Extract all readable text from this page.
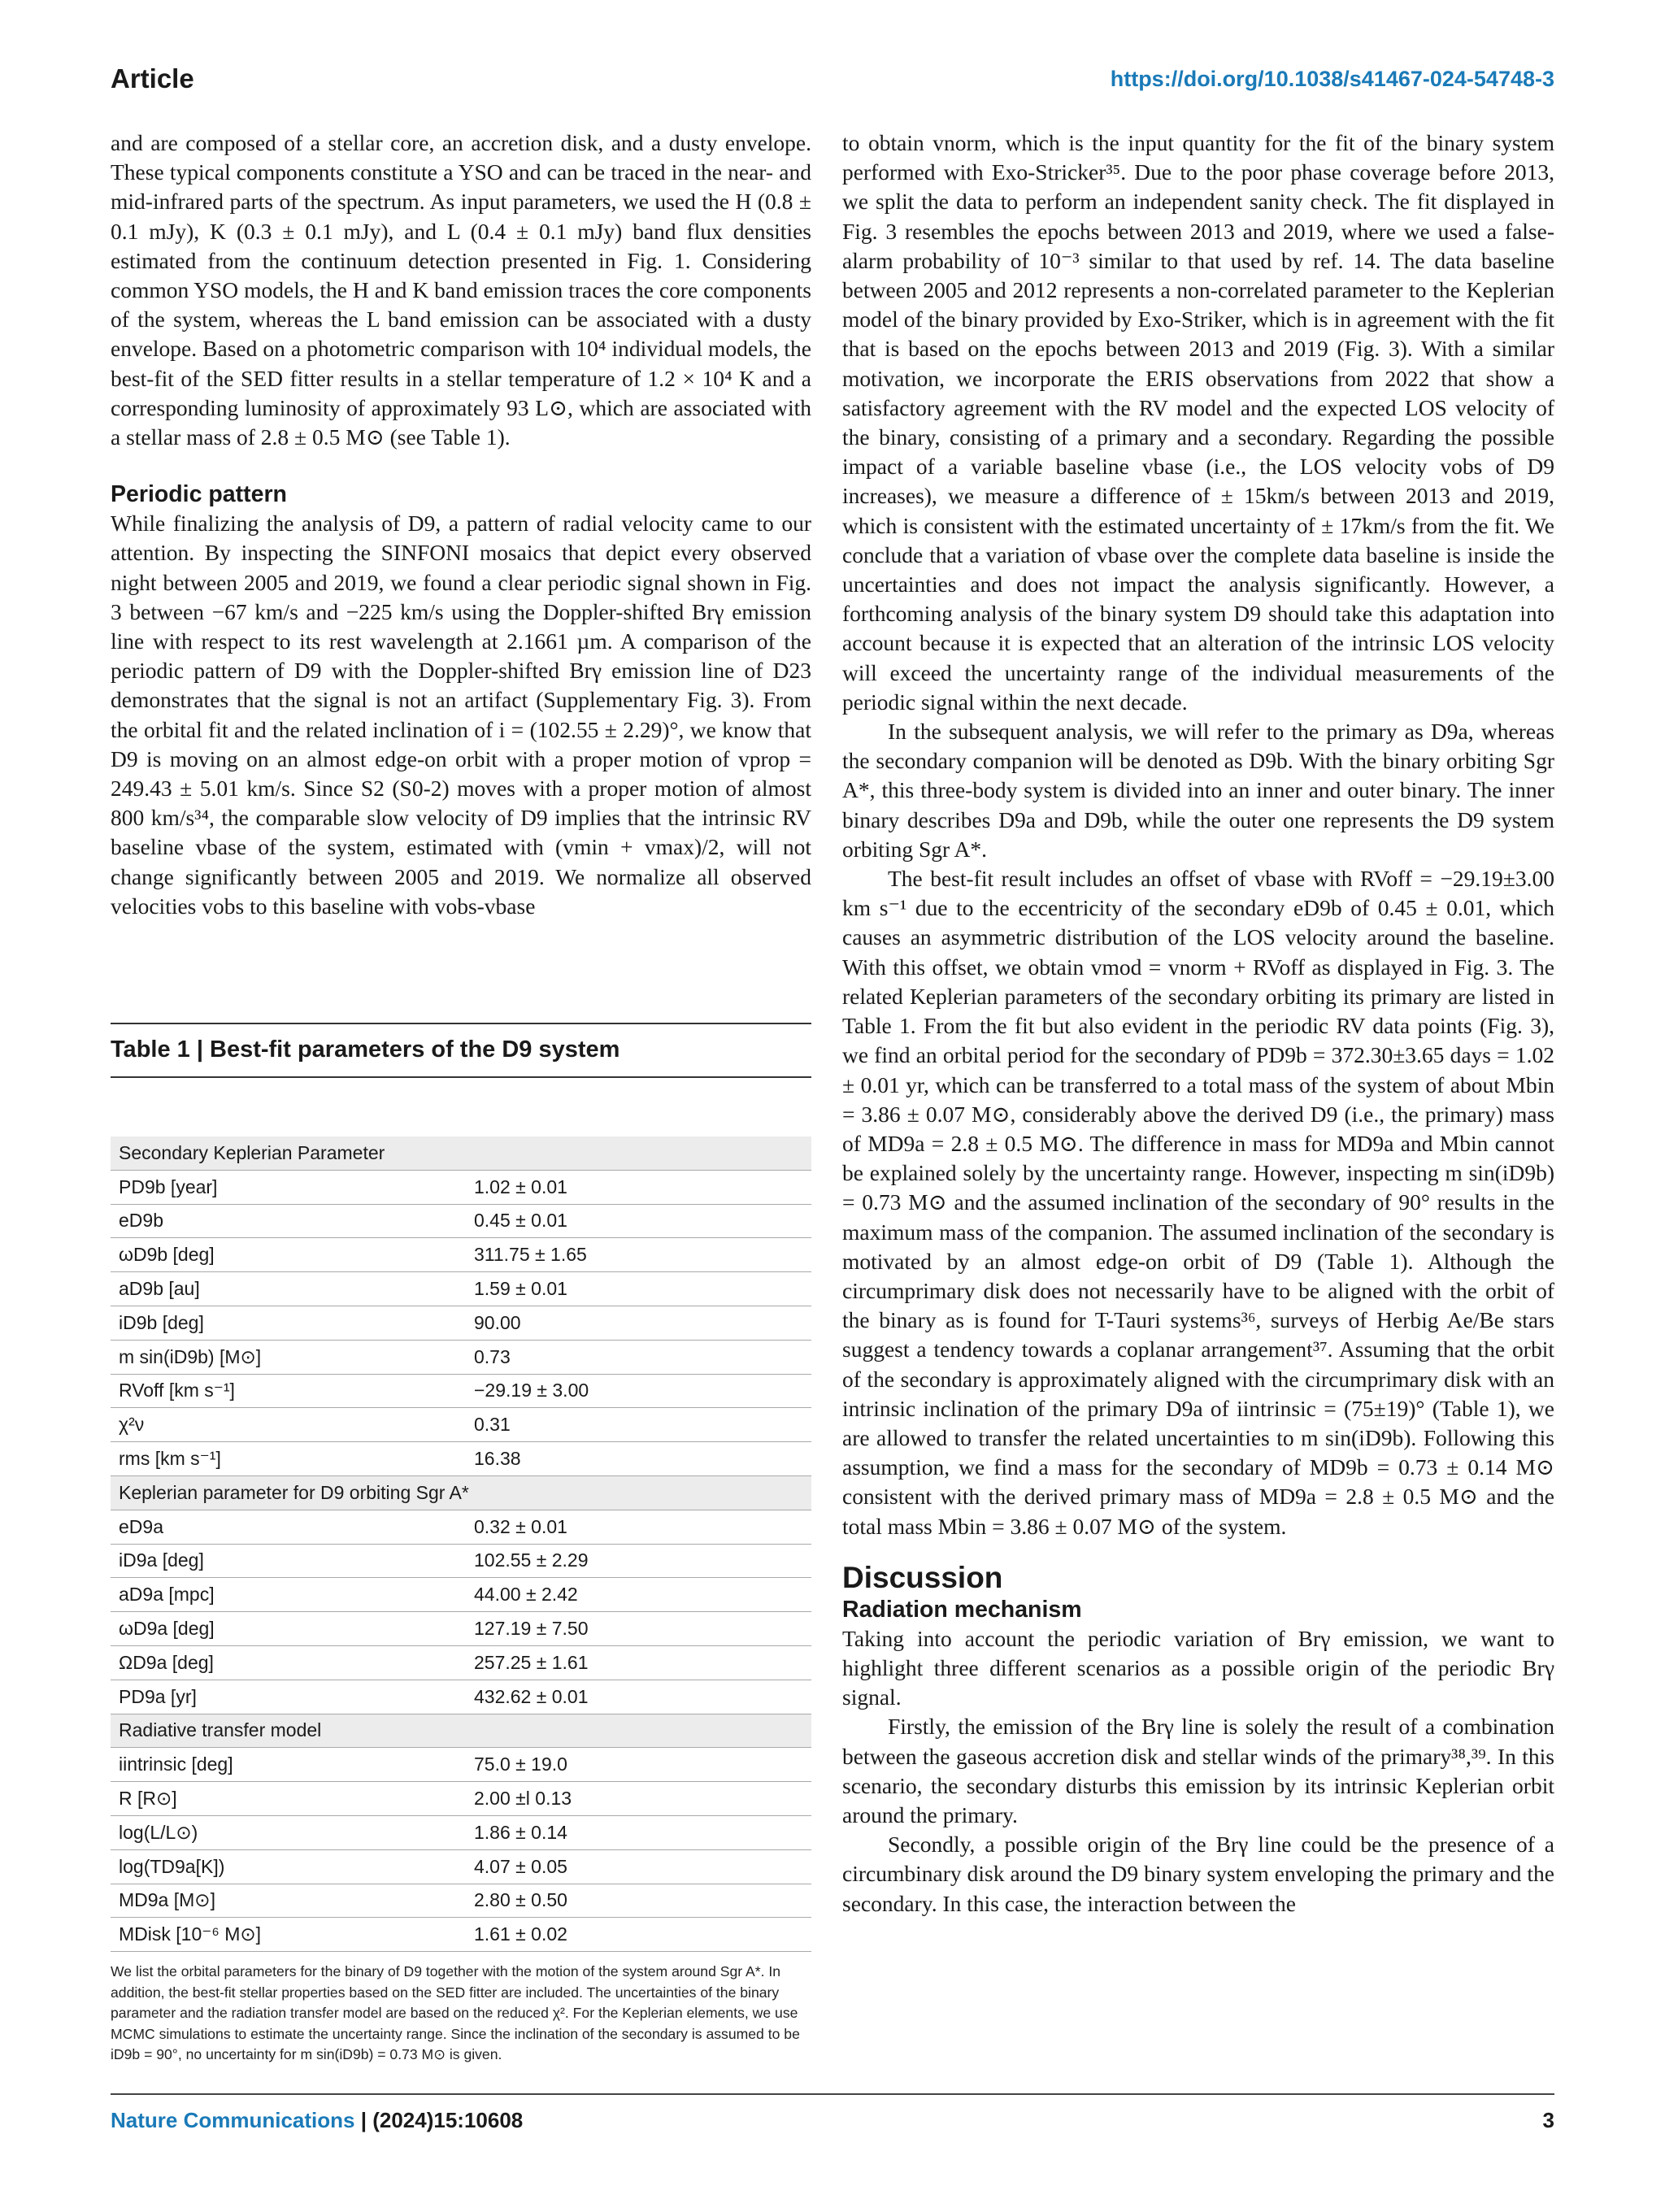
Article	https://doi.org/10.1038/s41467-024-54748-3

and are composed of a stellar core, an accretion disk, and a dusty envelope. These typical components constitute a YSO and can be traced in the near- and mid-infrared parts of the spectrum. As input parameters, we used the H (0.8 ± 0.1 mJy), K (0.3 ± 0.1 mJy), and L (0.4 ± 0.1 mJy) band flux densities estimated from the continuum detection presented in Fig. 1. Considering common YSO models, the H and K band emission traces the core components of the system, whereas the L band emission can be associated with a dusty envelope. Based on a photometric comparison with 10⁴ individual models, the best-fit of the SED fitter results in a stellar temperature of 1.2 × 10⁴ K and a corresponding luminosity of approximately 93 L⊙, which are associated with a stellar mass of 2.8 ± 0.5 M⊙ (see Table 1).

Periodic pattern

While finalizing the analysis of D9, a pattern of radial velocity came to our attention. By inspecting the SINFONI mosaics that depict every observed night between 2005 and 2019, we found a clear periodic signal shown in Fig. 3 between −67 km/s and −225 km/s using the Doppler-shifted Brγ emission line with respect to its rest wavelength at 2.1661 µm. A comparison of the periodic pattern of D9 with the Doppler-shifted Brγ emission line of D23 demonstrates that the signal is not an artifact (Supplementary Fig. 3). From the orbital fit and the related inclination of i = (102.55 ± 2.29)°, we know that D9 is moving on an almost edge-on orbit with a proper motion of vprop = 249.43 ± 5.01 km/s. Since S2 (S0-2) moves with a proper motion of almost 800 km/s³⁴, the comparable slow velocity of D9 implies that the intrinsic RV baseline vbase of the system, estimated with (vmin + vmax)/2, will not change significantly between 2005 and 2019. We normalize all observed velocities vobs to this baseline with vobs-vbase

Table 1 | Best-fit parameters of the D9 system
Secondary Keplerian Parameter	
PD9b [year]	1.02 ± 0.01
eD9b	0.45 ± 0.01
ωD9b [deg]	311.75 ± 1.65
aD9b [au]	1.59 ± 0.01
iD9b [deg]	90.00
m sin(iD9b) [M⊙]	0.73
RVoff [km s⁻¹]	−29.19 ± 3.00
χ²ν	0.31
rms [km s⁻¹]	16.38
Keplerian parameter for D9 orbiting Sgr A*	
eD9a	0.32 ± 0.01
iD9a [deg]	102.55 ± 2.29
aD9a [mpc]	44.00 ± 2.42
ωD9a [deg]	127.19 ± 7.50
ΩD9a [deg]	257.25 ± 1.61
PD9a [yr]	432.62 ± 0.01
Radiative transfer model	
iintrinsic [deg]	75.0 ± 19.0
R [R⊙]	2.00 ±l 0.13
log(L/L⊙)	1.86 ± 0.14
log(TD9a[K])	4.07 ± 0.05
MD9a [M⊙]	2.80 ± 0.50
MDisk [10⁻⁶ M⊙]	1.61 ± 0.02
We list the orbital parameters for the binary of D9 together with the motion of the system around Sgr A*. In addition, the best-fit stellar properties based on the SED fitter are included. The uncertainties of the binary parameter and the radiation transfer model are based on the reduced χ². For the Keplerian elements, we use MCMC simulations to estimate the uncertainty range. Since the inclination of the secondary is assumed to be iD9b = 90°, no uncertainty for m sin(iD9b) = 0.73 M⊙ is given.

to obtain vnorm, which is the input quantity for the fit of the binary system performed with Exo-Stricker³⁵. Due to the poor phase coverage before 2013, we split the data to perform an independent sanity check. The fit displayed in Fig. 3 resembles the epochs between 2013 and 2019, where we used a false-alarm probability of 10⁻³ similar to that used by ref. 14. The data baseline between 2005 and 2012 represents a non-correlated parameter to the Keplerian model of the binary provided by Exo-Striker, which is in agreement with the fit that is based on the epochs between 2013 and 2019 (Fig. 3). With a similar motivation, we incorporate the ERIS observations from 2022 that show a satisfactory agreement with the RV model and the expected LOS velocity of the binary, consisting of a primary and a secondary. Regarding the possible impact of a variable baseline vbase (i.e., the LOS velocity vobs of D9 increases), we measure a difference of ± 15km/s between 2013 and 2019, which is consistent with the estimated uncertainty of ± 17km/s from the fit. We conclude that a variation of vbase over the complete data baseline is inside the uncertainties and does not impact the analysis significantly. However, a forthcoming analysis of the binary system D9 should take this adaptation into account because it is expected that an alteration of the intrinsic LOS velocity will exceed the uncertainty range of the individual measurements of the periodic signal within the next decade.

In the subsequent analysis, we will refer to the primary as D9a, whereas the secondary companion will be denoted as D9b. With the binary orbiting Sgr A*, this three-body system is divided into an inner and outer binary. The inner binary describes D9a and D9b, while the outer one represents the D9 system orbiting Sgr A*.

The best-fit result includes an offset of vbase with RVoff = −29.19±3.00 km s⁻¹ due to the eccentricity of the secondary eD9b of 0.45 ± 0.01, which causes an asymmetric distribution of the LOS velocity around the baseline. With this offset, we obtain vmod = vnorm + RVoff as displayed in Fig. 3. The related Keplerian parameters of the secondary orbiting its primary are listed in Table 1. From the fit but also evident in the periodic RV data points (Fig. 3), we find an orbital period for the secondary of PD9b = 372.30±3.65 days = 1.02 ± 0.01 yr, which can be transferred to a total mass of the system of about Mbin = 3.86 ± 0.07 M⊙, considerably above the derived D9 (i.e., the primary) mass of MD9a = 2.8 ± 0.5 M⊙. The difference in mass for MD9a and Mbin cannot be explained solely by the uncertainty range. However, inspecting m sin(iD9b) = 0.73 M⊙ and the assumed inclination of the secondary of 90° results in the maximum mass of the companion. The assumed inclination of the secondary is motivated by an almost edge-on orbit of D9 (Table 1). Although the circumprimary disk does not necessarily have to be aligned with the orbit of the binary as is found for T-Tauri systems³⁶, surveys of Herbig Ae/Be stars suggest a tendency towards a coplanar arrangement³⁷. Assuming that the orbit of the secondary is approximately aligned with the circumprimary disk with an intrinsic inclination of the primary D9a of iintrinsic = (75±19)° (Table 1), we are allowed to transfer the related uncertainties to m sin(iD9b). Following this assumption, we find a mass for the secondary of MD9b = 0.73 ± 0.14 M⊙ consistent with the derived primary mass of MD9a = 2.8 ± 0.5 M⊙ and the total mass Mbin = 3.86 ± 0.07 M⊙ of the system.

Discussion

Radiation mechanism

Taking into account the periodic variation of Brγ emission, we want to highlight three different scenarios as a possible origin of the periodic Brγ signal.

Firstly, the emission of the Brγ line is solely the result of a combination between the gaseous accretion disk and stellar winds of the primary³⁸,³⁹. In this scenario, the secondary disturbs this emission by its intrinsic Keplerian orbit around the primary.

Secondly, a possible origin of the Brγ line could be the presence of a circumbinary disk around the D9 binary system enveloping the primary and the secondary. In this case, the interaction between the

Nature Communications | (2024)15:10608	3
